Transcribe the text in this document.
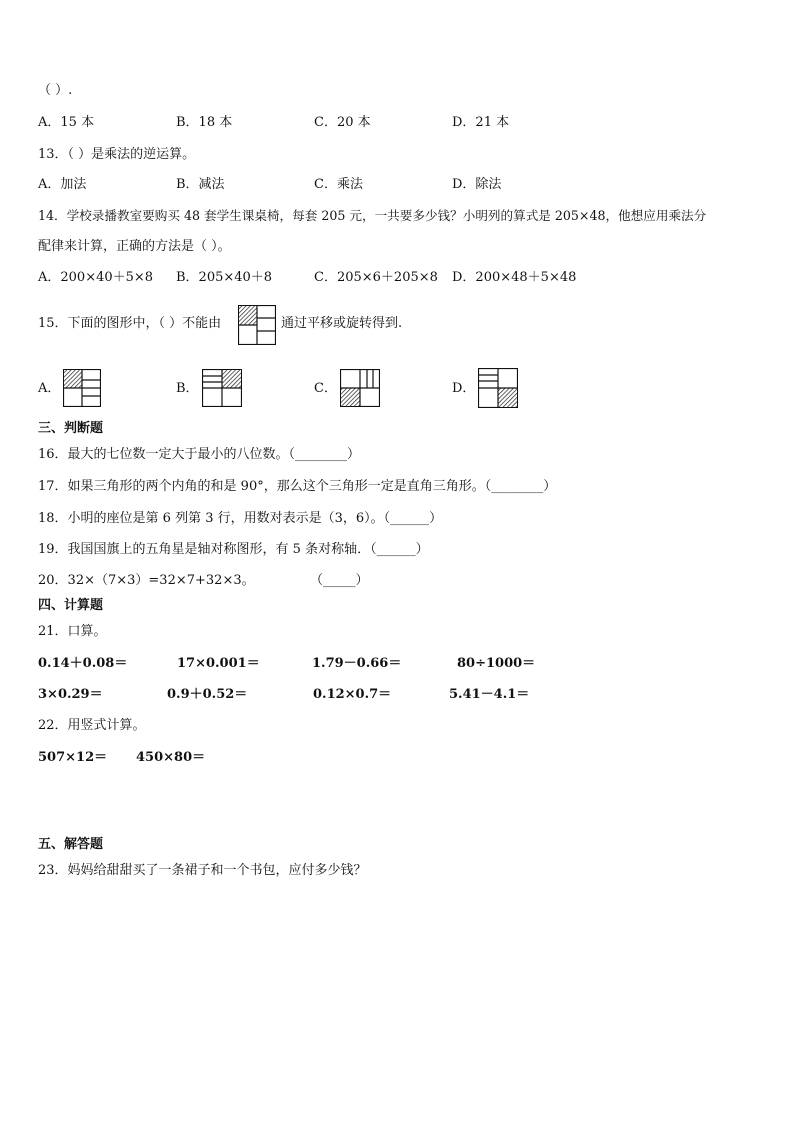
（ ）.
A．15 本	B．18 本	C．20 本	D．21 本
13．（ ）是乘法的逆运算。
A．加法	B．减法	C．乘法	D．除法
14．学校录播教室要购买 48 套学生课桌椅，每套 205 元，一共要多少钱？小明列的算式是 205×48，他想应用乘法分
配律来计算，正确的方法是（ ）。
A．200×40＋5×8 B．205×40＋8	C．205×6＋205×8 D．200×48＋5×48
15．下面的图形中，（ ）不能由	通过平移或旋转得到.
A．	B．	C．	D．
三、判断题
16．最大的七位数一定大于最小的八位数。（________）
17．如果三角形的两个内角的和是 90°，那么这个三角形一定是直角三角形。（________）
18．小明的座位是第 6 列第 3 行，用数对表示是（3，6）。（______）
19．我国国旗上的五角星是轴对称图形，有 5 条对称轴．（______）
20．32×（7×3）=32×7+32×3。	（_____）
四、计算题
21．口算。
0.14＋0.08＝	17×0.001＝	1.79－0.66＝	80÷1000＝
3×0.29＝	0.9＋0.52＝	0.12×0.7＝	5.41－4.1＝
22．用竖式计算。
507×12＝ 450×80＝
五、解答题
23．妈妈给甜甜买了一条裙子和一个书包，应付多少钱？
